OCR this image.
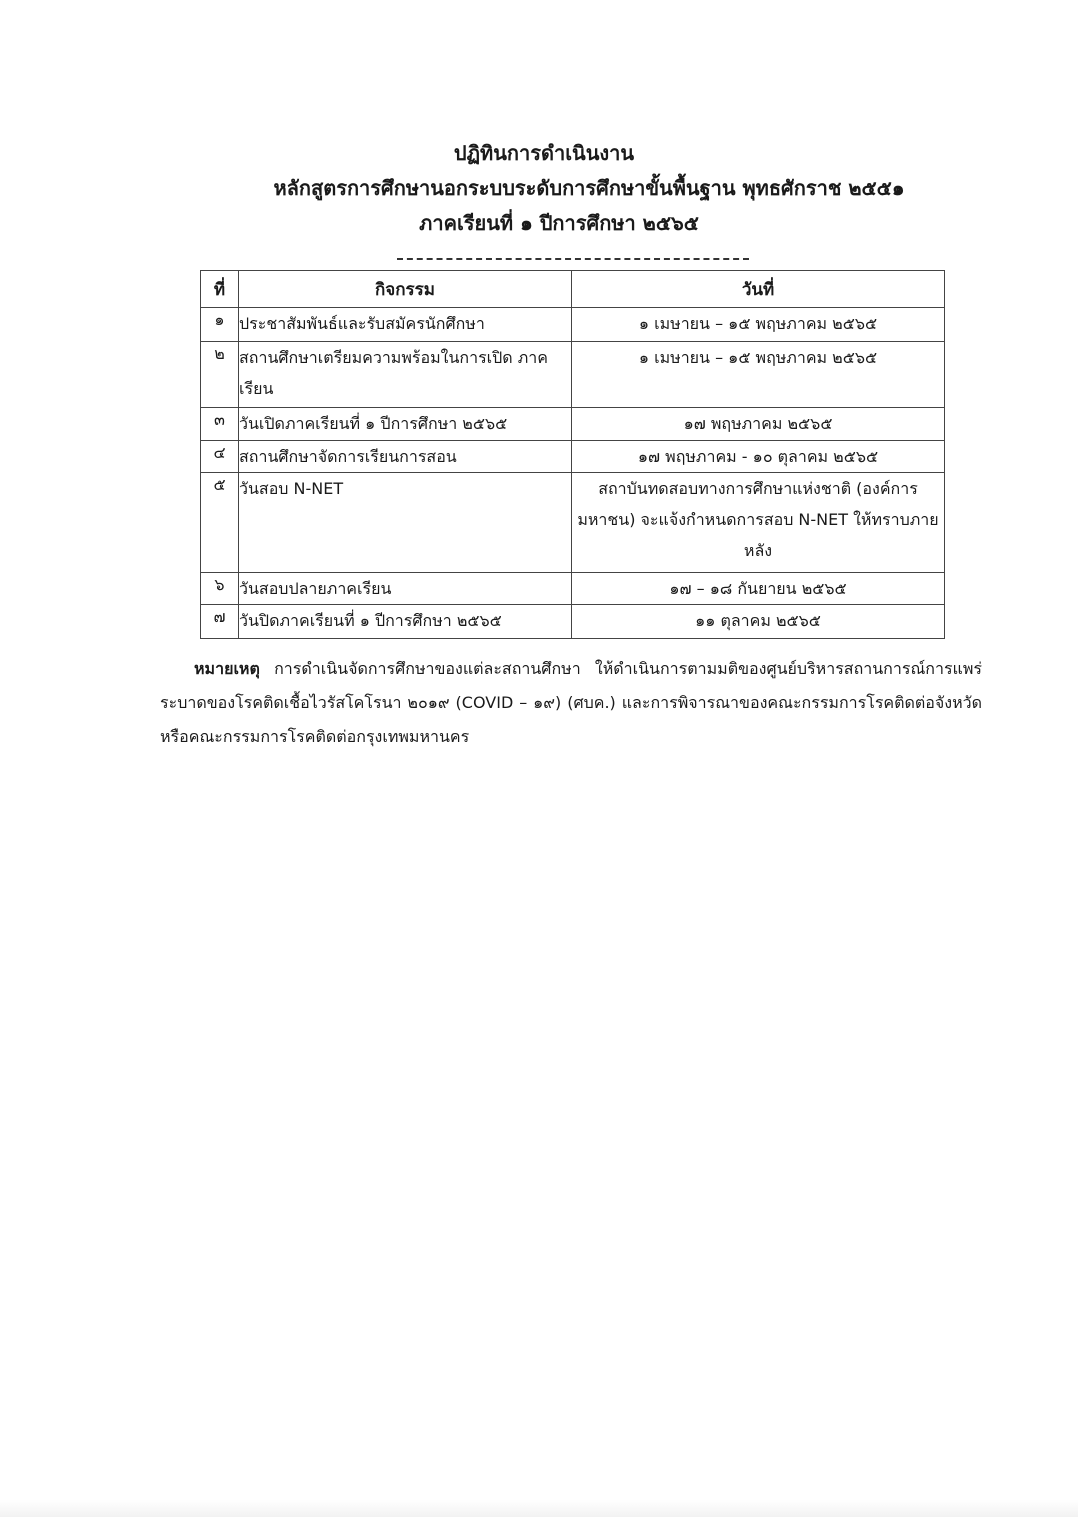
ปฏิทินการดำเนินงาน
หลักสูตรการศึกษานอกระบบระดับการศึกษาขั้นพื้นฐาน พุทธศักราช ๒๕๕๑
ภาคเรียนที่ ๑ ปีการศึกษา ๒๕๖๕
ที่	กิจกรรม	วันที่
๑	ประชาสัมพันธ์และรับสมัครนักศึกษา	๑ เมษายน – ๑๕ พฤษภาคม ๒๕๖๕
๒	สถานศึกษาเตรียมความพร้อมในการเปิด ภาคเรียน	๑ เมษายน – ๑๕ พฤษภาคม ๒๕๖๕
๓	วันเปิดภาคเรียนที่ ๑ ปีการศึกษา ๒๕๖๕	๑๗ พฤษภาคม ๒๕๖๕
๔	สถานศึกษาจัดการเรียนการสอน	๑๗ พฤษภาคม - ๑๐ ตุลาคม ๒๕๖๕
๕	วันสอบ N-NET	สถาบันทดสอบทางการศึกษาแห่งชาติ (องค์การมหาชน) จะแจ้งกำหนดการสอบ N-NET ให้ทราบภายหลัง
๖	วันสอบปลายภาคเรียน	๑๗ – ๑๘ กันยายน ๒๕๖๕
๗	วันปิดภาคเรียนที่ ๑ ปีการศึกษา ๒๕๖๕	๑๑ ตุลาคม ๒๕๖๕
หมายเหตุ การดำเนินจัดการศึกษาของแต่ละสถานศึกษา ให้ดำเนินการตามมติของศูนย์บริหารสถานการณ์การแพร่ระบาดของโรคติดเชื้อไวรัสโคโรนา ๒๐๑๙ (COVID – ๑๙) (ศบค.) และการพิจารณาของคณะกรรมการโรคติดต่อจังหวัดหรือคณะกรรมการโรคติดต่อกรุงเทพมหานคร
